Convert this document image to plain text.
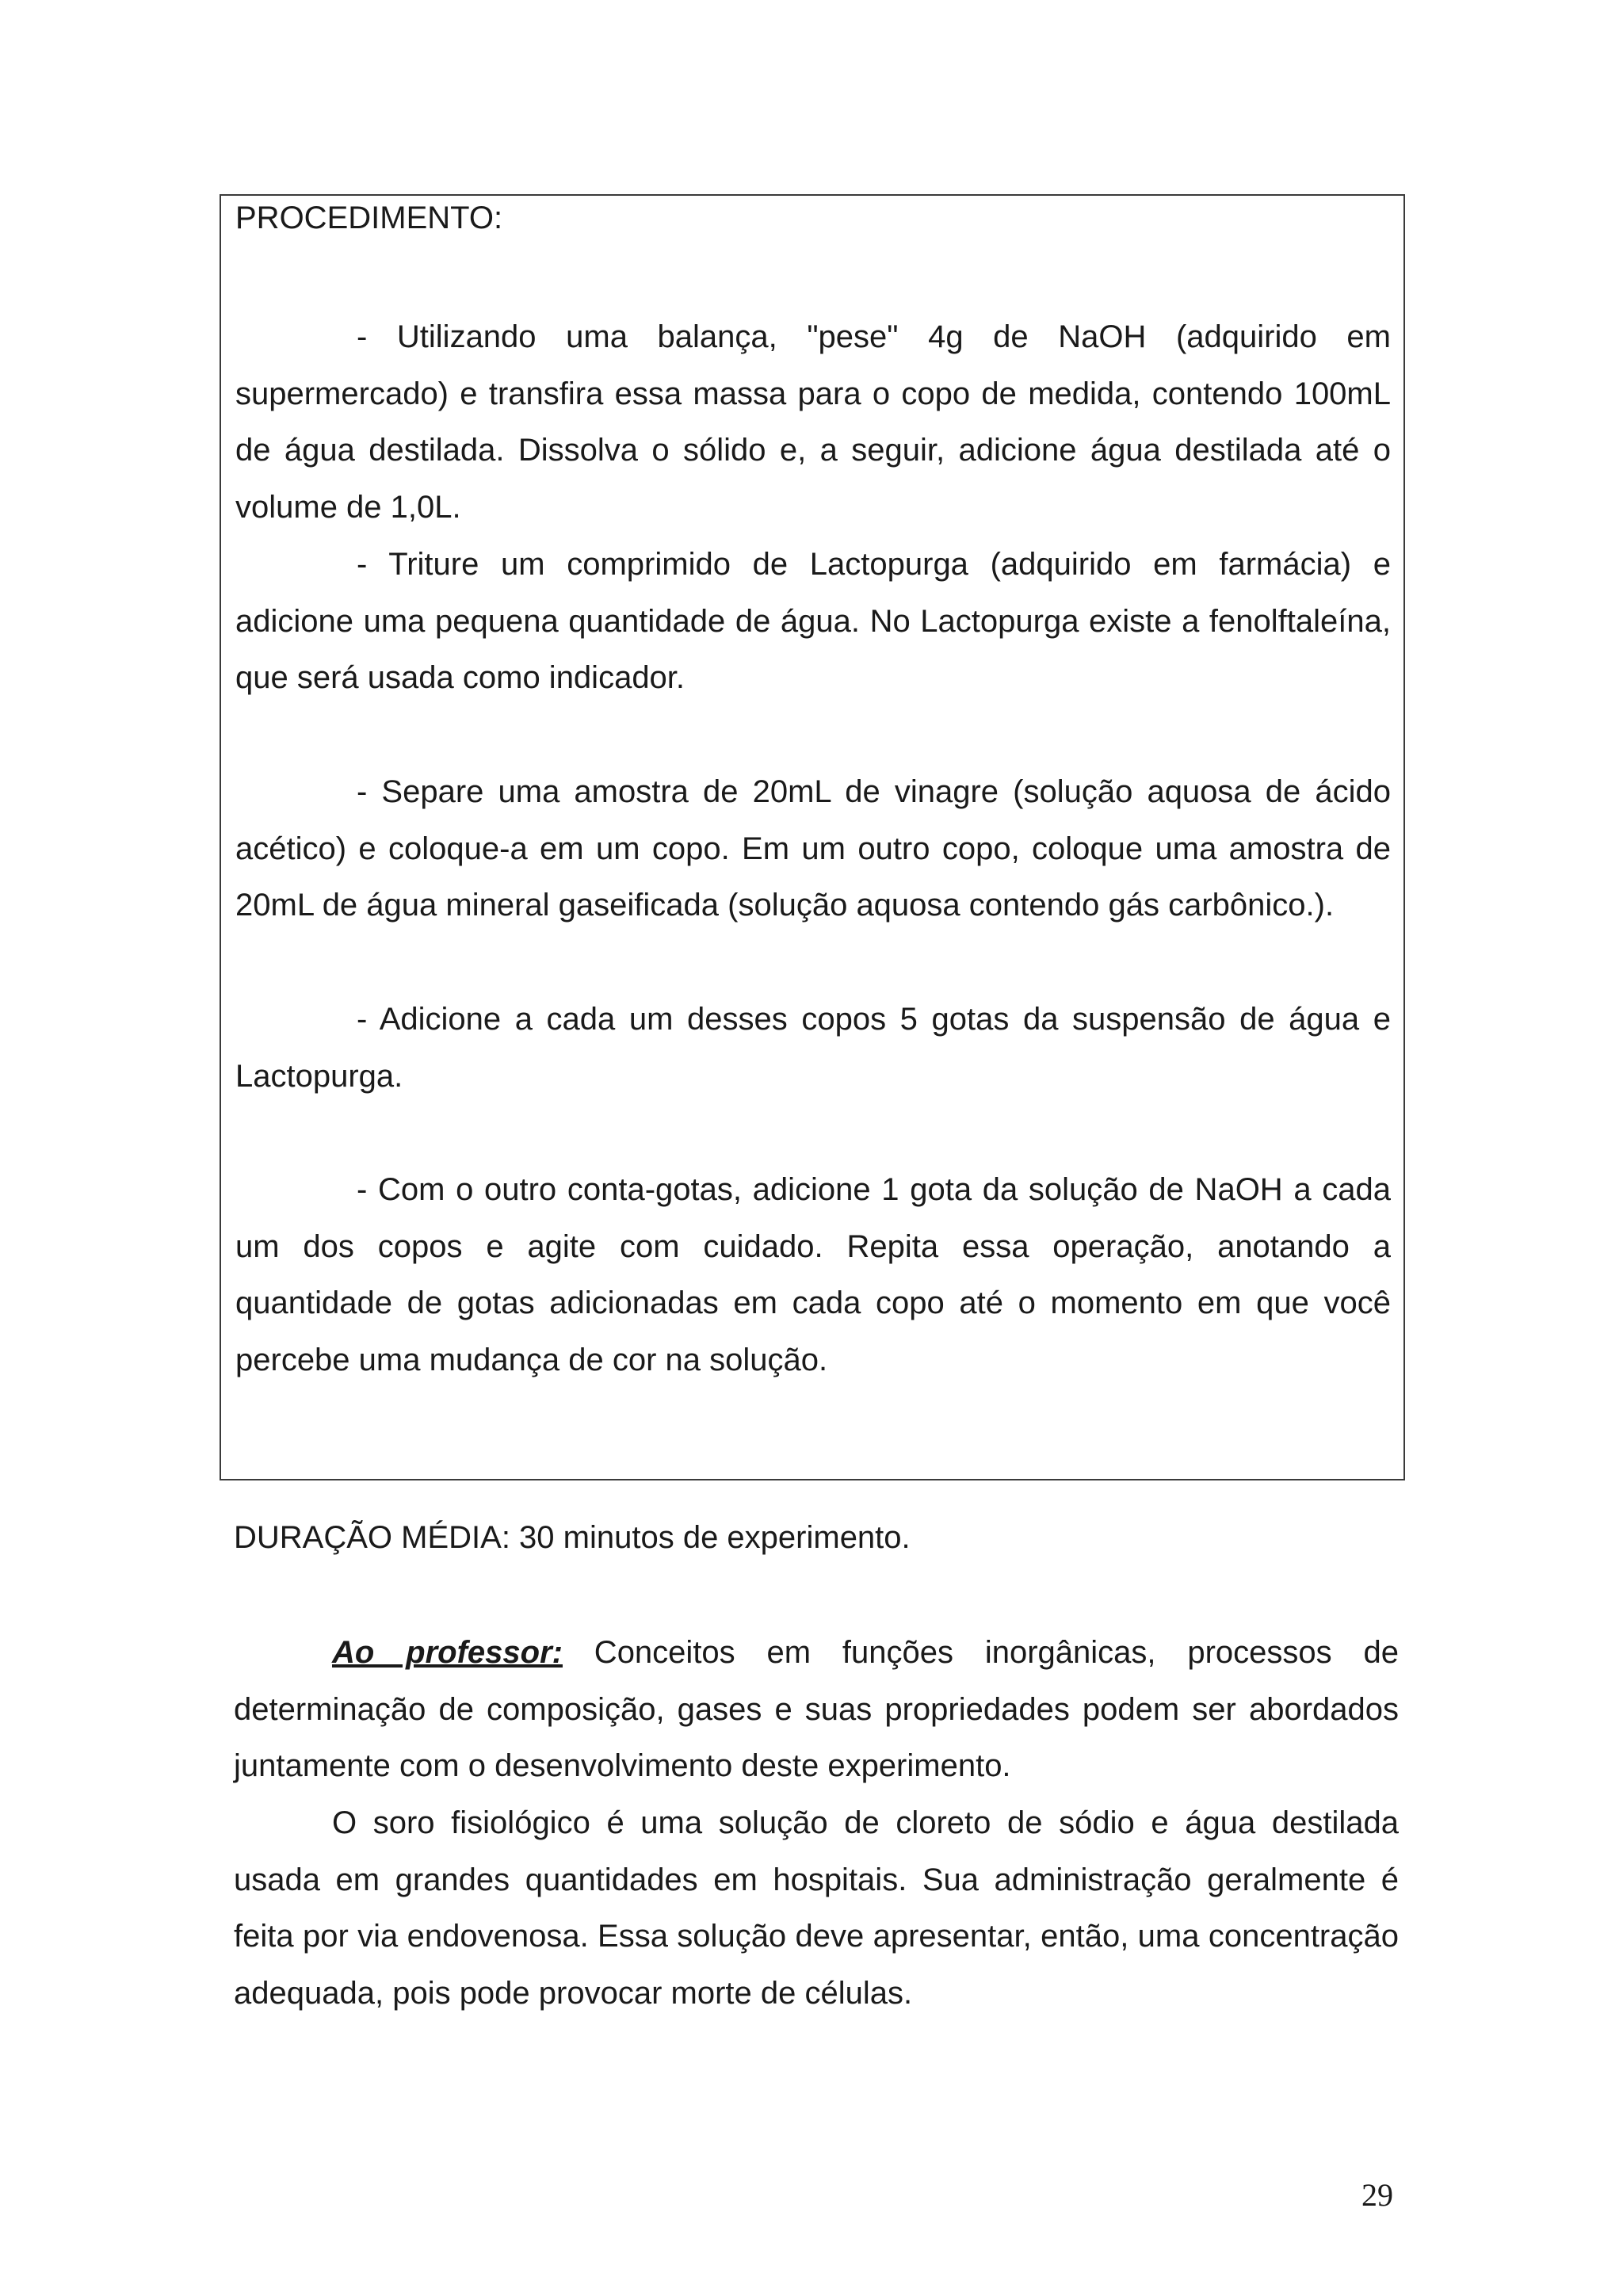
PROCEDIMENTO:

- Utilizando uma balança, "pese" 4g de NaOH (adquirido em supermercado) e transfira essa massa para o copo de medida, contendo 100mL de água destilada. Dissolva o sólido e, a seguir, adicione água destilada até o volume de 1,0L.

- Triture um comprimido de Lactopurga (adquirido em farmácia) e adicione uma pequena quantidade de água. No Lactopurga existe a fenolftaleína, que será usada como indicador.

- Separe uma amostra de 20mL de vinagre (solução aquosa de ácido acético) e coloque-a em um copo. Em um outro copo, coloque uma amostra de 20mL de água mineral gaseificada (solução aquosa contendo gás carbônico.).

- Adicione a cada um desses copos 5 gotas da suspensão de água e Lactopurga.

- Com o outro conta-gotas, adicione 1 gota da solução de NaOH a cada um dos copos e agite com cuidado. Repita essa operação, anotando a quantidade de gotas adicionadas em cada copo até o momento em que você percebe uma mudança de cor na solução.

DURAÇÃO MÉDIA: 30 minutos de experimento.

Ao professor: Conceitos em funções inorgânicas, processos de determinação de composição, gases e suas propriedades podem ser abordados juntamente com o desenvolvimento deste experimento.

O soro fisiológico é uma solução de cloreto de sódio e água destilada usada em grandes quantidades em hospitais. Sua administração geralmente é feita por via endovenosa. Essa solução deve apresentar, então, uma concentração adequada, pois pode provocar morte de células.

29
